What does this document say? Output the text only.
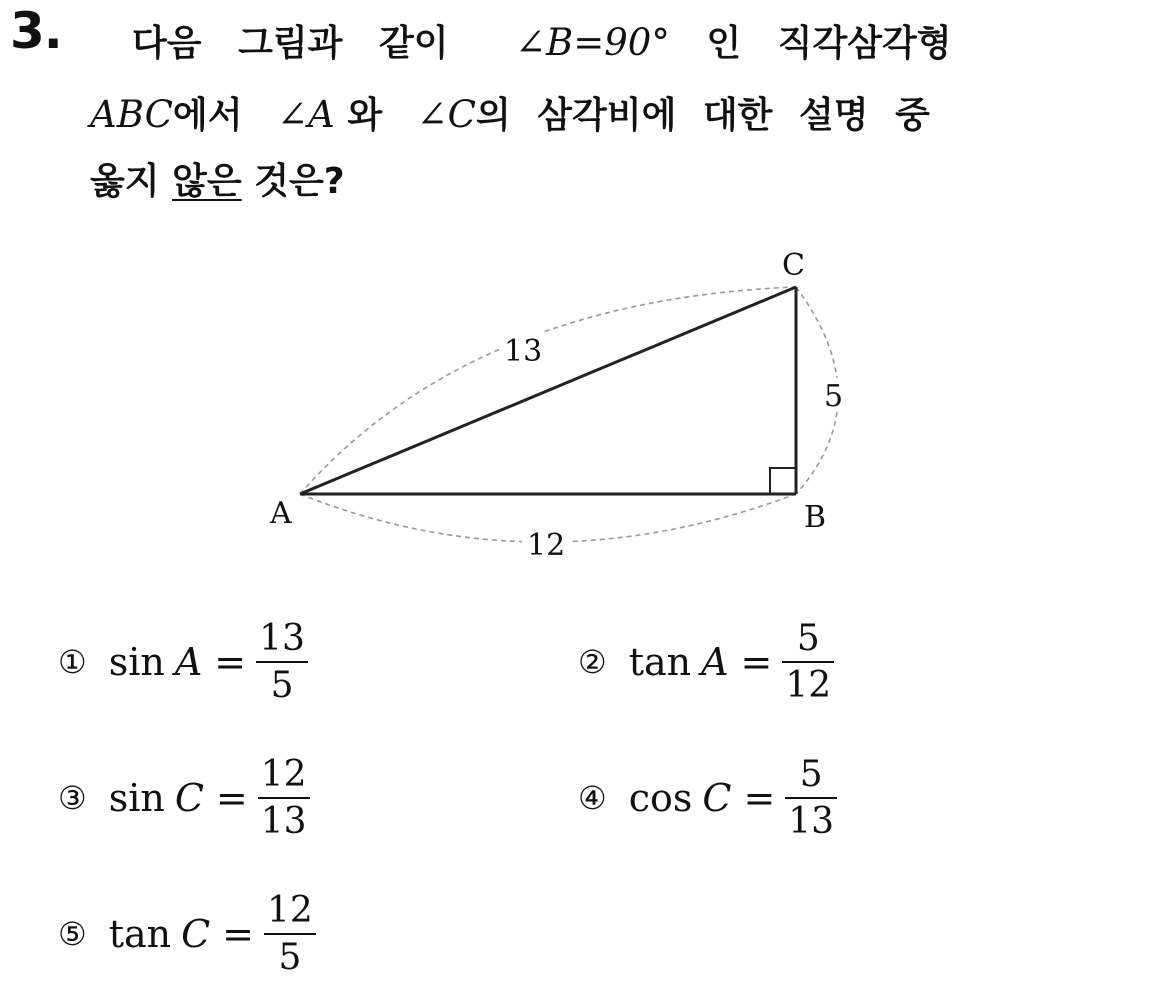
3. 다음 그림과 같이 ∠B=90° 인 직각삼각형
ABC에서 ∠A 와 ∠C의 삼각비에 대한 설명 중
옳지 않은 것은?
A	B
C
13
5
12
① $\sin A = \frac{13}{5}$	② $\tan A = \frac{5}{12}$
③ $\sin C = \frac{12}{13}$	④ $\cos C = \frac{5}{13}$
⑤ $\tan C = \frac{12}{5}$
